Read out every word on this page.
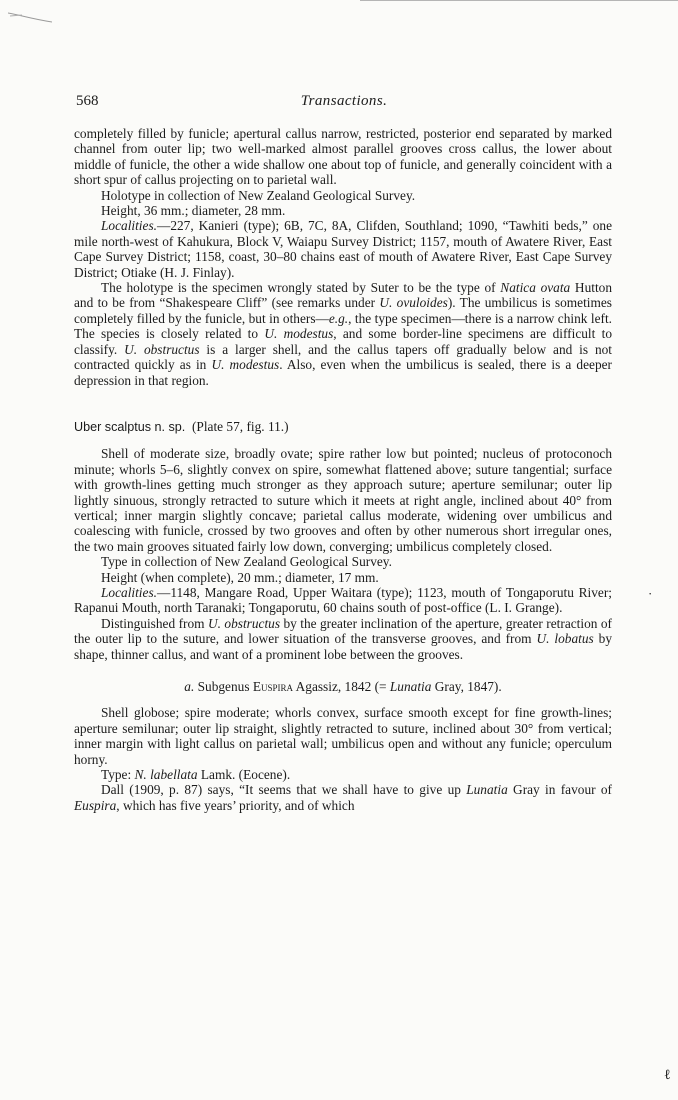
568	Transactions.

completely filled by funicle; apertural callus narrow, restricted, posterior end separated by marked channel from outer lip; two well-marked almost parallel grooves cross callus, the lower about middle of funicle, the other a wide shallow one about top of funicle, and generally coincident with a short spur of callus projecting on to parietal wall.

Holotype in collection of New Zealand Geological Survey.

Height, 36 mm.; diameter, 28 mm.

Localities.—227, Kanieri (type); 6B, 7C, 8A, Clifden, Southland; 1090, “Tawhiti beds,” one mile north-west of Kahukura, Block V, Waiapu Survey District; 1157, mouth of Awatere River, East Cape Survey District; 1158, coast, 30–80 chains east of mouth of Awatere River, East Cape Survey District; Otiake (H. J. Finlay).

The holotype is the specimen wrongly stated by Suter to be the type of Natica ovata Hutton and to be from “Shakespeare Cliff” (see remarks under U. ovuloides). The umbilicus is sometimes completely filled by the funicle, but in others—e.g., the type specimen—there is a narrow chink left. The species is closely related to U. modestus, and some border-line specimens are difficult to classify. U. obstructus is a larger shell, and the callus tapers off gradually below and is not contracted quickly as in U. modestus. Also, even when the umbilicus is sealed, there is a deeper depression in that region.

Uber scalptus n. sp. (Plate 57, fig. 11.)

Shell of moderate size, broadly ovate; spire rather low but pointed; nucleus of protoconoch minute; whorls 5–6, slightly convex on spire, somewhat flattened above; suture tangential; surface with growth-lines getting much stronger as they approach suture; aperture semilunar; outer lip lightly sinuous, strongly retracted to suture which it meets at right angle, inclined about 40° from vertical; inner margin slightly concave; parietal callus moderate, widening over umbilicus and coalescing with funicle, crossed by two grooves and often by other numerous short irregular ones, the two main grooves situated fairly low down, converging; umbilicus completely closed.

Type in collection of New Zealand Geological Survey.

Height (when complete), 20 mm.; diameter, 17 mm.

Localities.—1148, Mangare Road, Upper Waitara (type); 1123, mouth of Tongaporutu River; Rapanui Mouth, north Taranaki; Tongaporutu, 60 chains south of post-office (L. I. Grange).

Distinguished from U. obstructus by the greater inclination of the aperture, greater retraction of the outer lip to the suture, and lower situation of the transverse grooves, and from U. lobatus by shape, thinner callus, and want of a prominent lobe between the grooves.

a. Subgenus Euspira Agassiz, 1842 (= Lunatia Gray, 1847).

Shell globose; spire moderate; whorls convex, surface smooth except for fine growth-lines; aperture semilunar; outer lip straight, slightly retracted to suture, inclined about 30° from vertical; inner margin with light callus on parietal wall; umbilicus open and without any funicle; operculum horny.

Type: N. labellata Lamk. (Eocene).

Dall (1909, p. 87) says, “It seems that we shall have to give up Lunatia Gray in favour of Euspira, which has five years’ priority, and of which

·
ℓ
